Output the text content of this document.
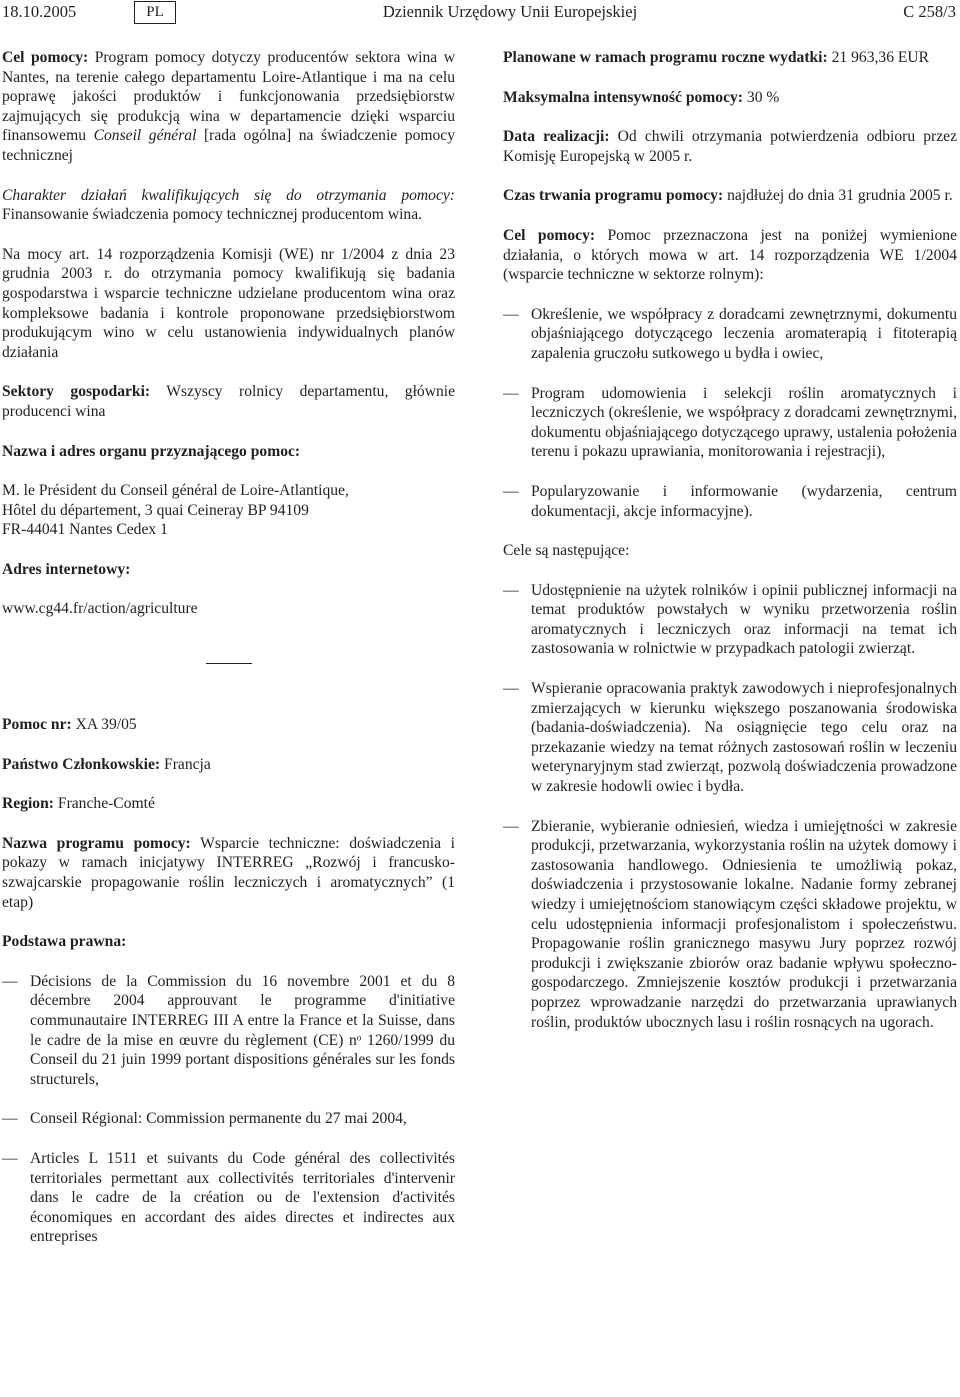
18.10.2005	PL	Dziennik Urzędowy Unii Europejskiej	C 258/3

Cel pomocy: Program pomocy dotyczy producentów sektora wina w Nantes, na terenie całego departamentu Loire-Atlantique i ma na celu poprawę jakości produktów i funkcjonowania przedsiębiorstw zajmujących się produkcją wina w departamencie dzięki wsparciu finansowemu Conseil général [rada ogólna] na świadczenie pomocy technicznej

Charakter działań kwalifikujących się do otrzymania pomocy: Finansowanie świadczenia pomocy technicznej producentom wina.

Na mocy art. 14 rozporządzenia Komisji (WE) nr 1/2004 z dnia 23 grudnia 2003 r. do otrzymania pomocy kwalifikują się badania gospodarstwa i wsparcie techniczne udzielane producentom wina oraz kompleksowe badania i kontrole proponowane przedsiębiorstwom produkującym wino w celu ustanowienia indywidualnych planów działania

Sektory gospodarki: Wszyscy rolnicy departamentu, głównie producenci wina

Nazwa i adres organu przyznającego pomoc:

M. le Président du Conseil général de Loire-Atlantique,
Hôtel du département, 3 quai Ceineray BP 94109
FR-44041 Nantes Cedex 1

Adres internetowy:

www.cg44.fr/action/agriculture

Pomoc nr: XA 39/05

Państwo Członkowskie: Francja

Region: Franche-Comté

Nazwa programu pomocy: Wsparcie techniczne: doświadczenia i pokazy w ramach inicjatywy INTERREG „Rozwój i francusko-szwajcarskie propagowanie roślin leczniczych i aromatycznych” (1 etap)

Podstawa prawna:

— Décisions de la Commission du 16 novembre 2001 et du 8 décembre 2004 approuvant le programme d'initiative communautaire INTERREG III A entre la France et la Suisse, dans le cadre de la mise en œuvre du règlement (CE) nᵒ 1260/1999 du Conseil du 21 juin 1999 portant dispositions générales sur les fonds structurels,
— Conseil Régional: Commission permanente du 27 mai 2004,
— Articles L 1511 et suivants du Code général des collectivités territoriales permettant aux collectivités territoriales d'intervenir dans le cadre de la création ou de l'extension d'activités économiques en accordant des aides directes et indirectes aux entreprises

Planowane w ramach programu roczne wydatki: 21 963,36 EUR

Maksymalna intensywność pomocy: 30 %

Data realizacji: Od chwili otrzymania potwierdzenia odbioru przez Komisję Europejską w 2005 r.

Czas trwania programu pomocy: najdłużej do dnia 31 grudnia 2005 r.

Cel pomocy: Pomoc przeznaczona jest na poniżej wymienione działania, o których mowa w art. 14 rozporządzenia WE 1/2004 (wsparcie techniczne w sektorze rolnym):

— Określenie, we współpracy z doradcami zewnętrznymi, dokumentu objaśniającego dotyczącego leczenia aromaterapią i fitoterapią zapalenia gruczołu sutkowego u bydła i owiec,
— Program udomowienia i selekcji roślin aromatycznych i leczniczych (określenie, we współpracy z doradcami zewnętrznymi, dokumentu objaśniającego dotyczącego uprawy, ustalenia położenia terenu i pokazu uprawiania, monitorowania i rejestracji),
— Popularyzowanie i informowanie (wydarzenia, centrum dokumentacji, akcje informacyjne).

Cele są następujące:

— Udostępnienie na użytek rolników i opinii publicznej informacji na temat produktów powstałych w wyniku przetworzenia roślin aromatycznych i leczniczych oraz informacji na temat ich zastosowania w rolnictwie w przypadkach patologii zwierząt.
— Wspieranie opracowania praktyk zawodowych i nieprofesjonalnych zmierzających w kierunku większego poszanowania środowiska (badania-doświadczenia). Na osiągnięcie tego celu oraz na przekazanie wiedzy na temat różnych zastosowań roślin w leczeniu weterynaryjnym stad zwierząt, pozwolą doświadczenia prowadzone w zakresie hodowli owiec i bydła.
— Zbieranie, wybieranie odniesień, wiedza i umiejętności w zakresie produkcji, przetwarzania, wykorzystania roślin na użytek domowy i zastosowania handlowego. Odniesienia te umożliwią pokaz, doświadczenia i przystosowanie lokalne. Nadanie formy zebranej wiedzy i umiejętnościom stanowiącym części składowe projektu, w celu udostępnienia informacji profesjonalistom i społeczeństwu. Propagowanie roślin granicznego masywu Jury poprzez rozwój produkcji i zwiększanie zbiorów oraz badanie wpływu społeczno-gospodarczego. Zmniejszenie kosztów produkcji i przetwarzania poprzez wprowadzanie narzędzi do przetwarzania uprawianych roślin, produktów ubocznych lasu i roślin rosnących na ugorach.
